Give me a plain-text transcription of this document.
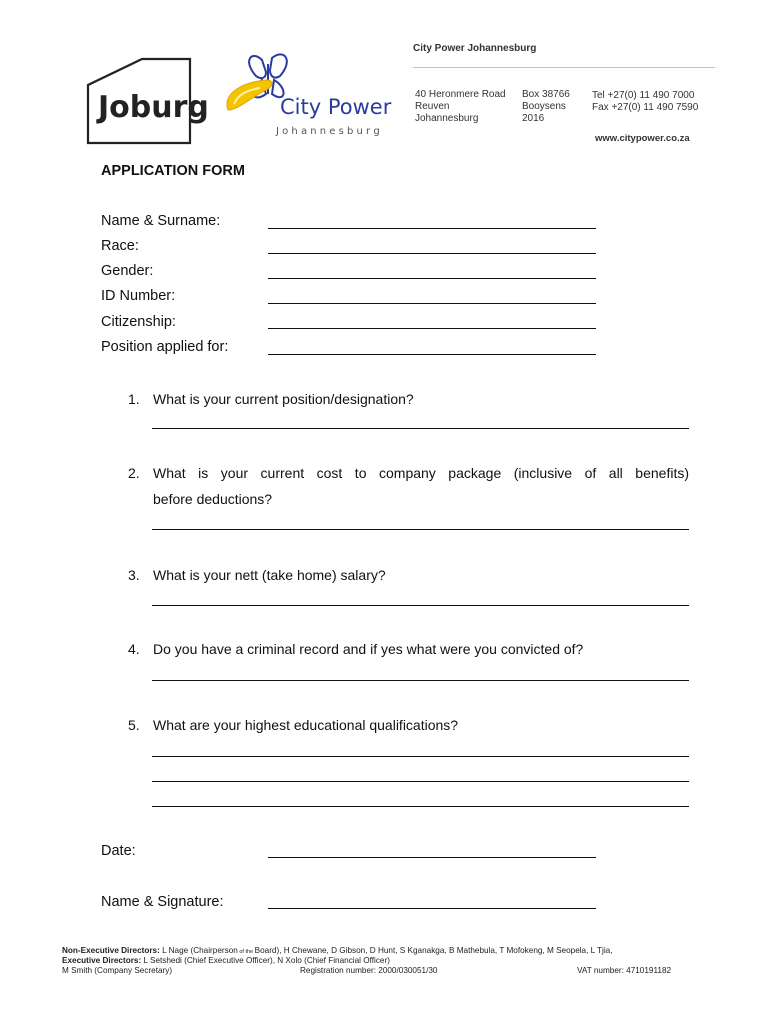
Joburg	City Power
J o h a n n e s b u r g
City Power Johannesburg
40 Heronmere Road
Reuven
Johannesburg
Box 38766
Booysens
2016
Tel +27(0) 11 490 7000
Fax +27(0) 11 490 7590
www.citypower.co.za
APPLICATION FORM
Name & Surname:
Race:
Gender:
ID Number:
Citizenship:
Position applied for:
1. What is your current position/designation?
2. What is your current cost to company package (inclusive of all benefits)
before deductions?
3. What is your nett (take home) salary?
4. Do you have a criminal record and if yes what were you convicted of?
5. What are your highest educational qualifications?
Date:
Name & Signature:
Non-Executive Directors: L Nage (Chairperson of the Board), H Chewane, D Gibson, D Hunt, S Kganakga, B Mathebula, T Mofokeng, M Seopela, L Tjia,
Executive Directors: L Setshedi (Chief Executive Officer), N Xolo (Chief Financial Officer)
M Smith (Company Secretary)	Registration number: 2000/030051/30	VAT number: 4710191182
